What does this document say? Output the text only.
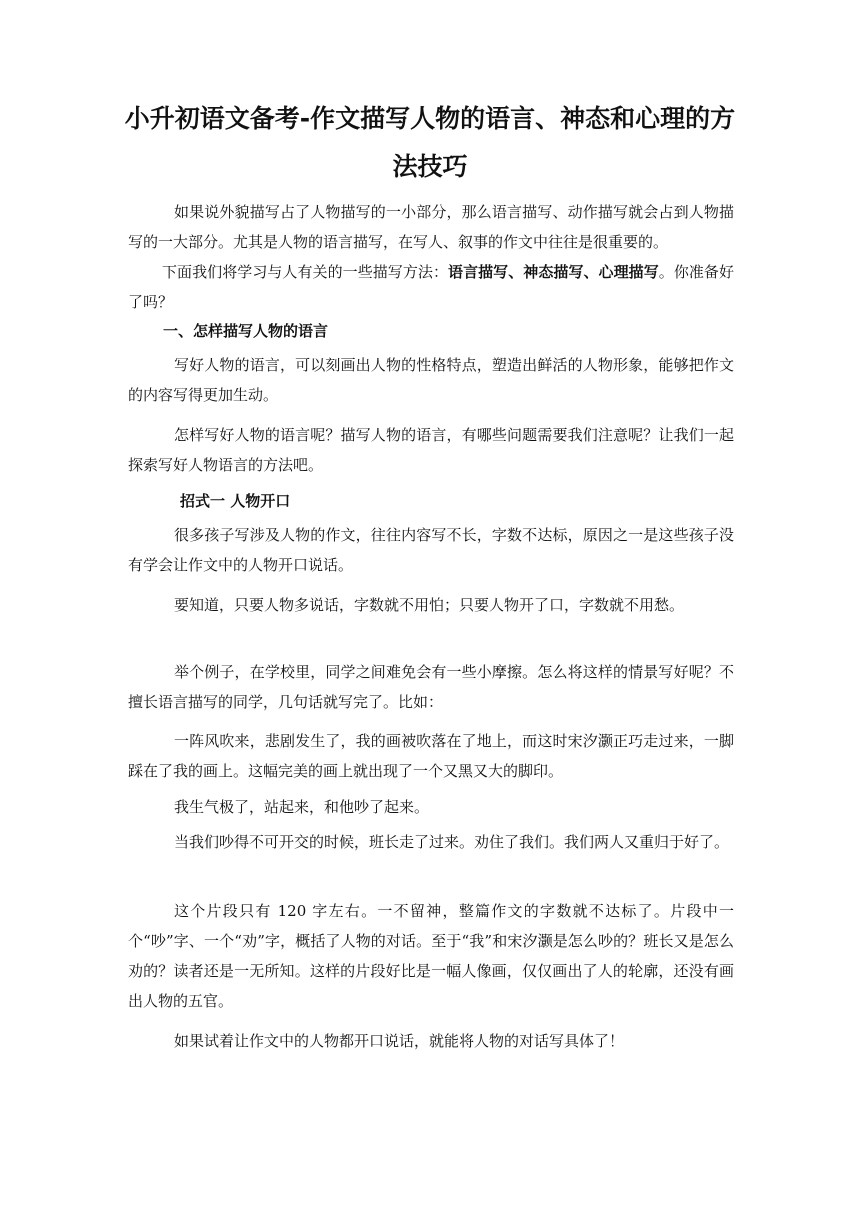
小升初语文备考-作文描写人物的语言、神态和心理的方法技巧

如果说外貌描写占了人物描写的一小部分，那么语言描写、动作描写就会占到人物描写的一大部分。尤其是人物的语言描写，在写人、叙事的作文中往往是很重要的。

下面我们将学习与人有关的一些描写方法：语言描写、神态描写、心理描写。你准备好了吗？

一、怎样描写人物的语言

写好人物的语言，可以刻画出人物的性格特点，塑造出鲜活的人物形象，能够把作文的内容写得更加生动。

怎样写好人物的语言呢？描写人物的语言，有哪些问题需要我们注意呢？让我们一起探索写好人物语言的方法吧。

招式一 人物开口

很多孩子写涉及人物的作文，往往内容写不长，字数不达标，原因之一是这些孩子没有学会让作文中的人物开口说话。

要知道，只要人物多说话，字数就不用怕；只要人物开了口，字数就不用愁。

举个例子，在学校里，同学之间难免会有一些小摩擦。怎么将这样的情景写好呢？不擅长语言描写的同学，几句话就写完了。比如：

一阵风吹来，悲剧发生了，我的画被吹落在了地上，而这时宋汐灏正巧走过来，一脚踩在了我的画上。这幅完美的画上就出现了一个又黑又大的脚印。

我生气极了，站起来，和他吵了起来。

当我们吵得不可开交的时候，班长走了过来。劝住了我们。我们两人又重归于好了。

这个片段只有 120 字左右。一不留神，整篇作文的字数就不达标了。片段中一个“吵”字、一个“劝”字，概括了人物的对话。至于“我”和宋汐灏是怎么吵的？班长又是怎么劝的？读者还是一无所知。这样的片段好比是一幅人像画，仅仅画出了人的轮廓，还没有画出人物的五官。

如果试着让作文中的人物都开口说话，就能将人物的对话写具体了！
